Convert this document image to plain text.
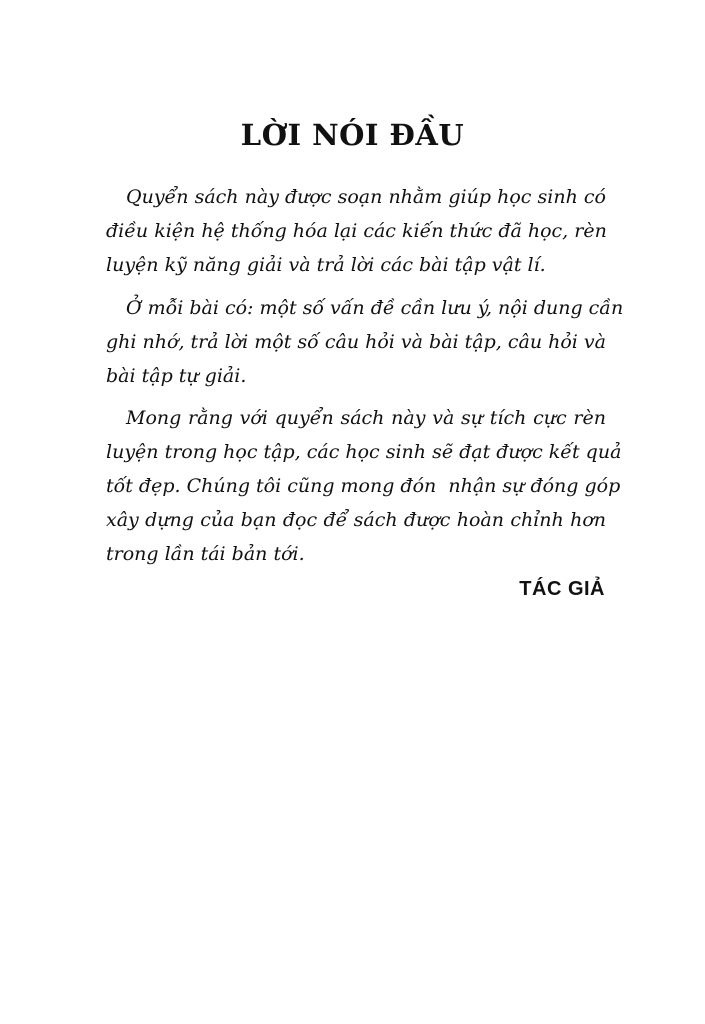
LỜI NÓI ĐẦU
Quyển sách này được soạn nhằm giúp học sinh có
điều kiện hệ thống hóa lại các kiến thức đã học, rèn
luyện kỹ năng giải và trả lời các bài tập vật lí.
Ở mỗi bài có: một số vấn đề cần lưu ý, nội dung cần
ghi nhớ, trả lời một số câu hỏi và bài tập, câu hỏi và
bài tập tự giải.
Mong rằng với quyển sách này và sự tích cực rèn
luyện trong học tập, các học sinh sẽ đạt được kết quả
tốt đẹp. Chúng tôi cũng mong đón  nhận sự đóng góp
xây dựng của bạn đọc để sách được hoàn chỉnh hơn
trong lần tái bản tới.
TÁC GIẢ
